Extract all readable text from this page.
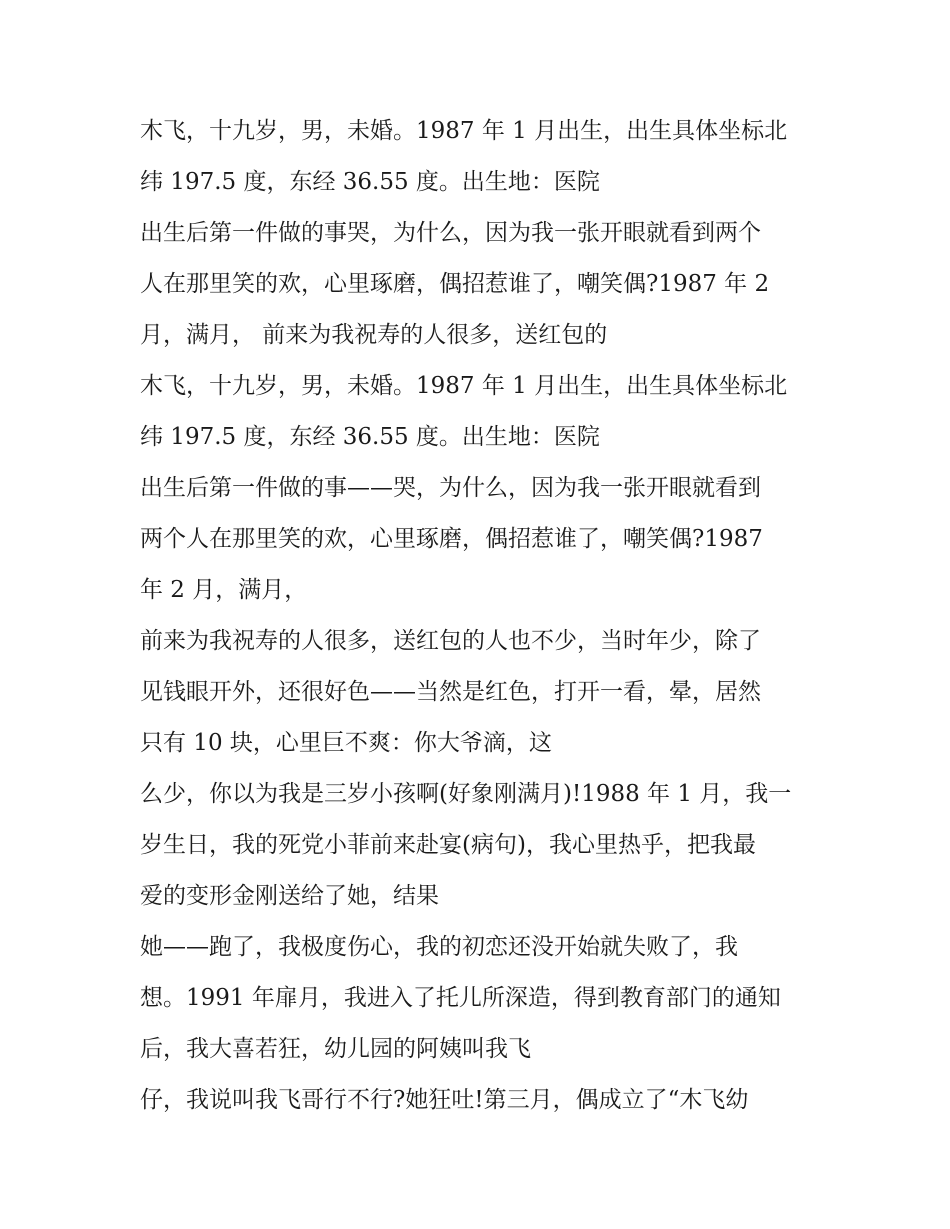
木飞，十九岁，男，未婚。1987 年 1 月出生，出生具体坐标北
纬 197.5 度，东经 36.55 度。出生地：医院
出生后第一件做的事哭，为什么，因为我一张开眼就看到两个
人在那里笑的欢，心里琢磨，偶招惹谁了，嘲笑偶?1987 年 2
月，满月， 前来为我祝寿的人很多，送红包的
木飞，十九岁，男，未婚。1987 年 1 月出生，出生具体坐标北
纬 197.5 度，东经 36.55 度。出生地：医院
出生后第一件做的事——哭，为什么，因为我一张开眼就看到
两个人在那里笑的欢，心里琢磨，偶招惹谁了，嘲笑偶?1987
年 2 月，满月，
前来为我祝寿的人很多，送红包的人也不少，当时年少，除了
见钱眼开外，还很好色——当然是红色，打开一看，晕，居然
只有 10 块，心里巨不爽：你大爷滴，这
么少，你以为我是三岁小孩啊(好象刚满月)!1988 年 1 月，我一
岁生日，我的死党小菲前来赴宴(病句)，我心里热乎，把我最
爱的变形金刚送给了她，结果
她——跑了，我极度伤心，我的初恋还没开始就失败了，我
想。1991 年扉月，我进入了托儿所深造，得到教育部门的通知
后，我大喜若狂，幼儿园的阿姨叫我飞
仔，我说叫我飞哥行不行?她狂吐!第三月，偶成立了“木飞幼
